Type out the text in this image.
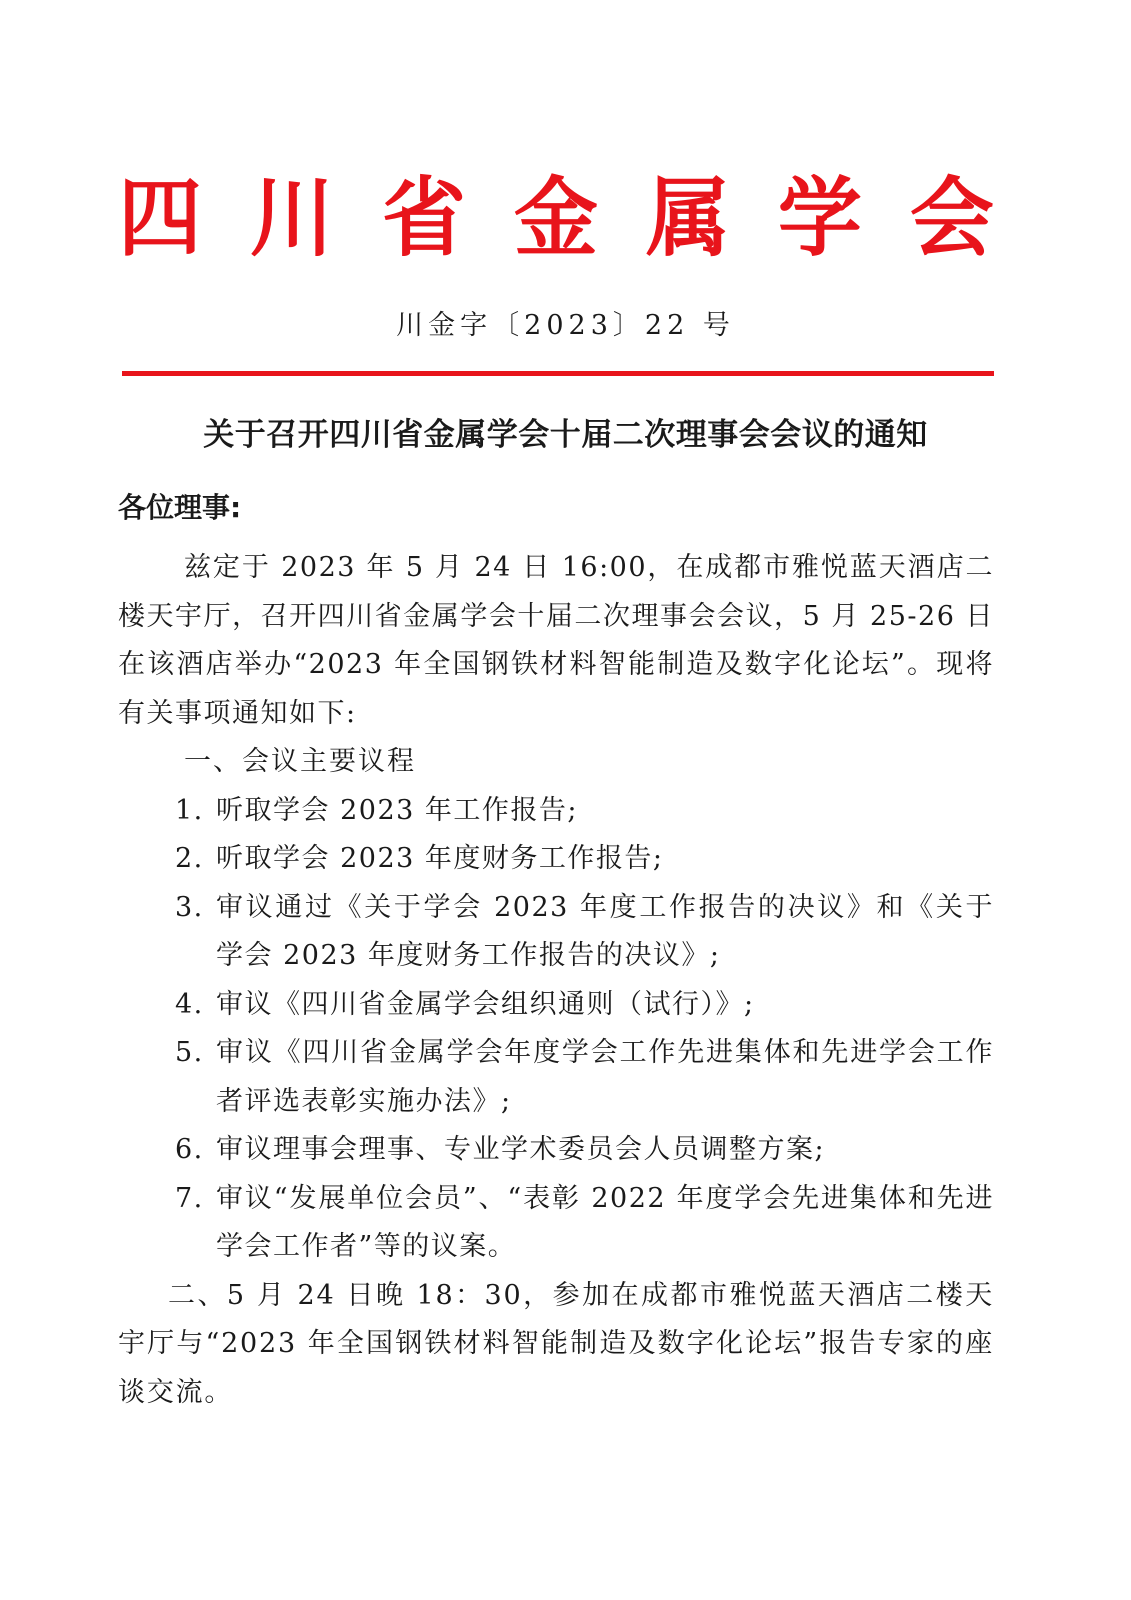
四 川 省 金 属 学 会
川金字〔2023〕22 号
关于召开四川省金属学会十届二次理事会会议的通知
各位理事:

兹定于 2023 年 5 月 24 日 16:00，在成都市雅悦蓝天酒店二楼天宇厅，召开四川省金属学会十届二次理事会会议，5 月 25-26 日在该酒店举办“2023 年全国钢铁材料智能制造及数字化论坛”。现将有关事项通知如下:

一、会议主要议程

1. 听取学会 2023 年工作报告;
2. 听取学会 2023 年度财务工作报告;
3. 审议通过《关于学会 2023 年度工作报告的决议》和《关于学会 2023 年度财务工作报告的决议》;
4. 审议《四川省金属学会组织通则（试行）》;
5. 审议《四川省金属学会年度学会工作先进集体和先进学会工作者评选表彰实施办法》;
6. 审议理事会理事、专业学术委员会人员调整方案;
7. 审议“发展单位会员”、“表彰 2022 年度学会先进集体和先进学会工作者”等的议案。

二、5 月 24 日晚 18：30，参加在成都市雅悦蓝天酒店二楼天宇厅与“2023 年全国钢铁材料智能制造及数字化论坛”报告专家的座谈交流。
